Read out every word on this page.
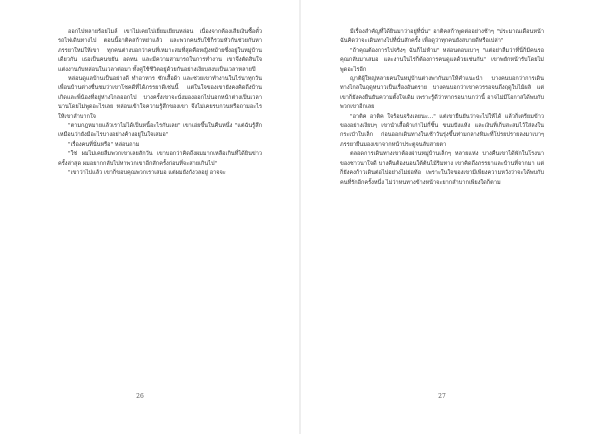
ออกไปหลายร้อยไมล์ เขาไม่เคยไปเยี่ยมเยียนหล่อน เนื่องจากต้องเสียเงินซื้อตั๋วรถไฟเดินทางไป ตอนนี้อาติคสก้าหย่าแล้ว และพวกคนรับใช้ก็รวมหัวกันช่วยกันหาภรรยาใหม่ให้เขา ทุกคนต่างบอกว่าคนที่เหมาะสมที่สุดคือหญิงหม้ายซึ่งอยู่ในหมู่บ้านเดียวกัน เธอเป็นคนขยัน อดทน และมีความสามารถในการทำงาน เขาจึงตัดสินใจแต่งงานกับหล่อนในเวลาต่อมา ทั้งคู่ใช้ชีวิตอยู่ด้วยกันอย่างเงียบสงบเป็นเวลาหลายปี

หล่อนดูแลบ้านเป็นอย่างดี ทำอาหาร ซักเสื้อผ้า และช่วยเขาทำงานในไร่นาทุกวัน เพื่อนบ้านต่างชื่นชมว่าเขาโชคดีที่ได้ภรรยาดีเช่นนี้ แต่ในใจของเขายังคงคิดถึงบ้านเกิดและพี่น้องที่อยู่ห่างไกลออกไป บางครั้งเขาจะนั่งมองออกไปนอกหน้าต่างเป็นเวลานานโดยไม่พูดอะไรเลย หล่อนเข้าใจความรู้สึกของเขา จึงไม่เคยรบกวนหรือถามอะไรให้เขาลำบากใจ

"ตามกฎหมายแล้วเราไม่ได้เป็นหนี้อะไรกันเลย" เขาเอ่ยขึ้นในคืนหนึ่ง "แต่ฉันรู้สึกเหมือนว่ายังมีอะไรบางอย่างค้างอยู่ในใจเสมอ"

"เรื่องคนที่นั่นหรือ" หล่อนถาม

"ใช่ ผมไม่เคยลืมพวกเขาเลยสักวัน เขาบอกว่าคิดถึงผมมากเหลือเกินที่ได้ยินข่าวครั้งล่าสุด ผมอยากกลับไปหาพวกเขาอีกสักครั้งก่อนที่จะสายเกินไป"

"เขาว่าไปแล้ว เขาก็ขอบคุณพวกเราเสมอ แต่ผมยังกังวลอยู่ อาจจะ

26

มีเรื่องสำคัญที่ได้ยินมาว่าอยู่ที่นั่น" อาติคสก้าพูดต่ออย่างช้าๆ "ประมาณเดือนหน้าฉันคิดว่าจะเดินทางไปที่นั่นสักครั้ง เพื่อดูว่าทุกคนยังสบายดีหรือเปล่า"

"ถ้าคุณต้องการไปจริงๆ ฉันก็ไม่ห้าม" หล่อนตอบเบาๆ "แต่อย่าลืมว่าที่นี่ก็มีคนรอคุณกลับมาเสมอ และงานในไร่ก็ต้องการคนดูแลด้วยเช่นกัน" เขาพยักหน้ารับโดยไม่พูดอะไรอีก

ญาติผู้ใหญ่หลายคนในหมู่บ้านต่างพากันมาให้คำแนะนำ บางคนบอกว่าการเดินทางไกลในฤดูหนาวเป็นเรื่องอันตราย บางคนบอกว่าเขาควรรอจนถึงฤดูใบไม้ผลิ แต่เขาก็ยังคงยืนยันความตั้งใจเดิม เพราะรู้ดีว่าหากรอนานกว่านี้ อาจไม่มีโอกาสได้พบกับพวกเขาอีกเลย

"อาติค อาติค ใจร้อนจริงเลยนะ..." แต่เขายืนยันว่าจะไปให้ได้ แล้วก็เตรียมข้าวของอย่างเงียบๆ เขานำเสื้อผ้าเก่าไม่กี่ชิ้น ขนมปังแห้ง และเงินที่เก็บสะสมไว้ใส่ลงในกระเป๋าใบเล็ก ก่อนออกเดินทางในเช้าวันรุ่งขึ้นท่ามกลางหิมะที่โปรยปรายลงมาเบาๆ ภรรยายืนมองเขาจากหน้าประตูจนลับสายตา

ตลอดการเดินทางเขาต้องผ่านหมู่บ้านเล็กๆ หลายแห่ง บางคืนเขาได้พักในโรงนาของชาวนาใจดี บางคืนต้องนอนใต้ต้นไม้ริมทาง เขาคิดถึงภรรยาและบ้านที่จากมา แต่ก็ยังคงก้าวเดินต่อไปอย่างไม่ย่อท้อ เพราะในใจของเขามีเพียงความหวังว่าจะได้พบกับคนที่รักอีกครั้งหนึ่ง ไม่ว่าหนทางข้างหน้าจะยากลำบากเพียงใดก็ตาม

27
